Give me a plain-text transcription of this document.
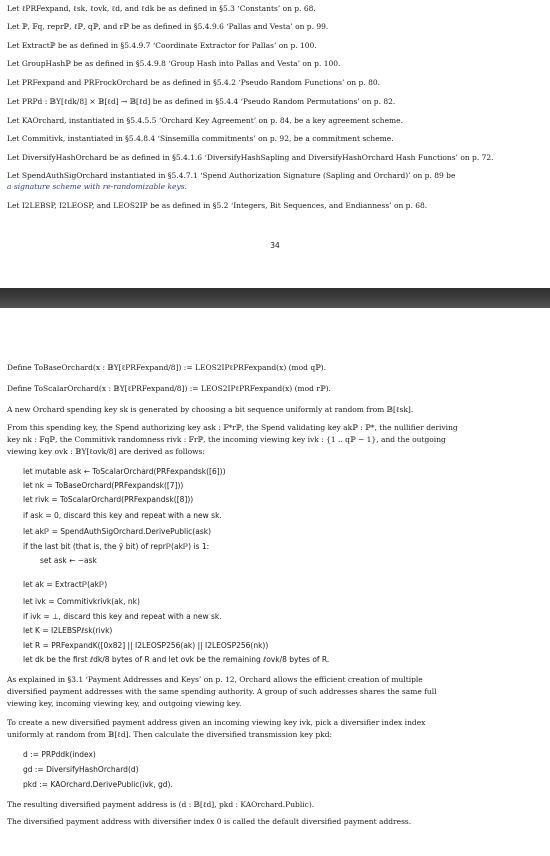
Let ℓPRFexpand, ℓsk, ℓovk, ℓd, and ℓdk be as defined in §5.3 ‘Constants’ on p. 68.
Let ℙ, 𝔽q, reprℙ, ℓℙ, qℙ, and rℙ be as defined in §5.4.9.6 ‘Pallas and Vesta’ on p. 99.
Let Extractℙ be as defined in §5.4.9.7 ‘Coordinate Extractor for Pallas’ on p. 100.
Let GroupHashℙ be as defined in §5.4.9.8 ‘Group Hash into Pallas and Vesta’ on p. 100.
Let PRFexpand and PRFrockOrchard be as defined in §5.4.2 ‘Pseudo Random Functions’ on p. 80.
Let PRPd : 𝔹Y[ℓdk/8] × 𝔹[ℓd] → 𝔹[ℓd] be as defined in §5.4.4 ‘Pseudo Random Permutations’ on p. 82.
Let KAOrchard, instantiated in §5.4.5.5 ‘Orchard Key Agreement’ on p. 84, be a key agreement scheme.
Let Commitivk, instantiated in §5.4.8.4 ‘Sinsemilla commitments’ on p. 92, be a commitment scheme.
Let DiversifyHashOrchard be as defined in §5.4.1.6 ‘DiversifyHashSapling and DiversifyHashOrchard Hash Functions’ on p. 72.
Let SpendAuthSigOrchard instantiated in §5.4.7.1 ‘Spend Authorization Signature (Sapling and Orchard)’ on p. 89 be
a signature scheme with re-randomizable keys.
Let I2LEBSP, I2LEOSP, and LEOS2IP be as defined in §5.2 ‘Integers, Bit Sequences, and Endianness’ on p. 68.
34
Define ToBaseOrchard(x : 𝔹Y[ℓPRFexpand/8]) := LEOS2IPℓPRFexpand(x) (mod qℙ).
Define ToScalarOrchard(x : 𝔹Y[ℓPRFexpand/8]) := LEOS2IPℓPRFexpand(x) (mod rℙ).
A new Orchard spending key sk is generated by choosing a bit sequence uniformly at random from 𝔹[ℓsk].
From this spending key, the Spend authorizing key ask : 𝔽*rℙ, the Spend validating key akℙ : ℙ*, the nullifier deriving
key nk : 𝔽qℙ, the Commitivk randomness rivk : 𝔽rℙ, the incoming viewing key ivk : {1 .. qℙ − 1}, and the outgoing
viewing key ovk : 𝔹Y[ℓovk/8] are derived as follows:
let mutable ask ← ToScalarOrchard(PRFexpandsk([6]))
let nk = ToBaseOrchard(PRFexpandsk([7]))
let rivk = ToScalarOrchard(PRFexpandsk([8]))
if ask = 0, discard this key and repeat with a new sk.
let akℙ = SpendAuthSigOrchard.DerivePublic(ask)
if the last bit (that is, the ỹ bit) of reprℙ(akℙ) is 1:
set ask ← −ask
let ak = Extractℙ(akℙ)
let ivk = Commitivkrivk(ak, nk)
if ivk = ⊥, discard this key and repeat with a new sk.
let K = I2LEBSPℓsk(rivk)
let R = PRFexpandK([0x82] || I2LEOSP256(ak) || I2LEOSP256(nk))
let dk be the first ℓdk/8 bytes of R and let ovk be the remaining ℓovk/8 bytes of R.
As explained in §3.1 ‘Payment Addresses and Keys’ on p. 12, Orchard allows the efficient creation of multiple
diversified payment addresses with the same spending authority. A group of such addresses shares the same full
viewing key, incoming viewing key, and outgoing viewing key.
To create a new diversified payment address given an incoming viewing key ivk, pick a diversifier index index
uniformly at random from 𝔹[ℓd]. Then calculate the diversified transmission key pkd:
d := PRPddk(index)
gd := DiversifyHashOrchard(d)
pkd := KAOrchard.DerivePublic(ivk, gd).
The resulting diversified payment address is (d : 𝔹[ℓd], pkd : KAOrchard.Public).
The diversified payment address with diversifier index 0 is called the default diversified payment address.
